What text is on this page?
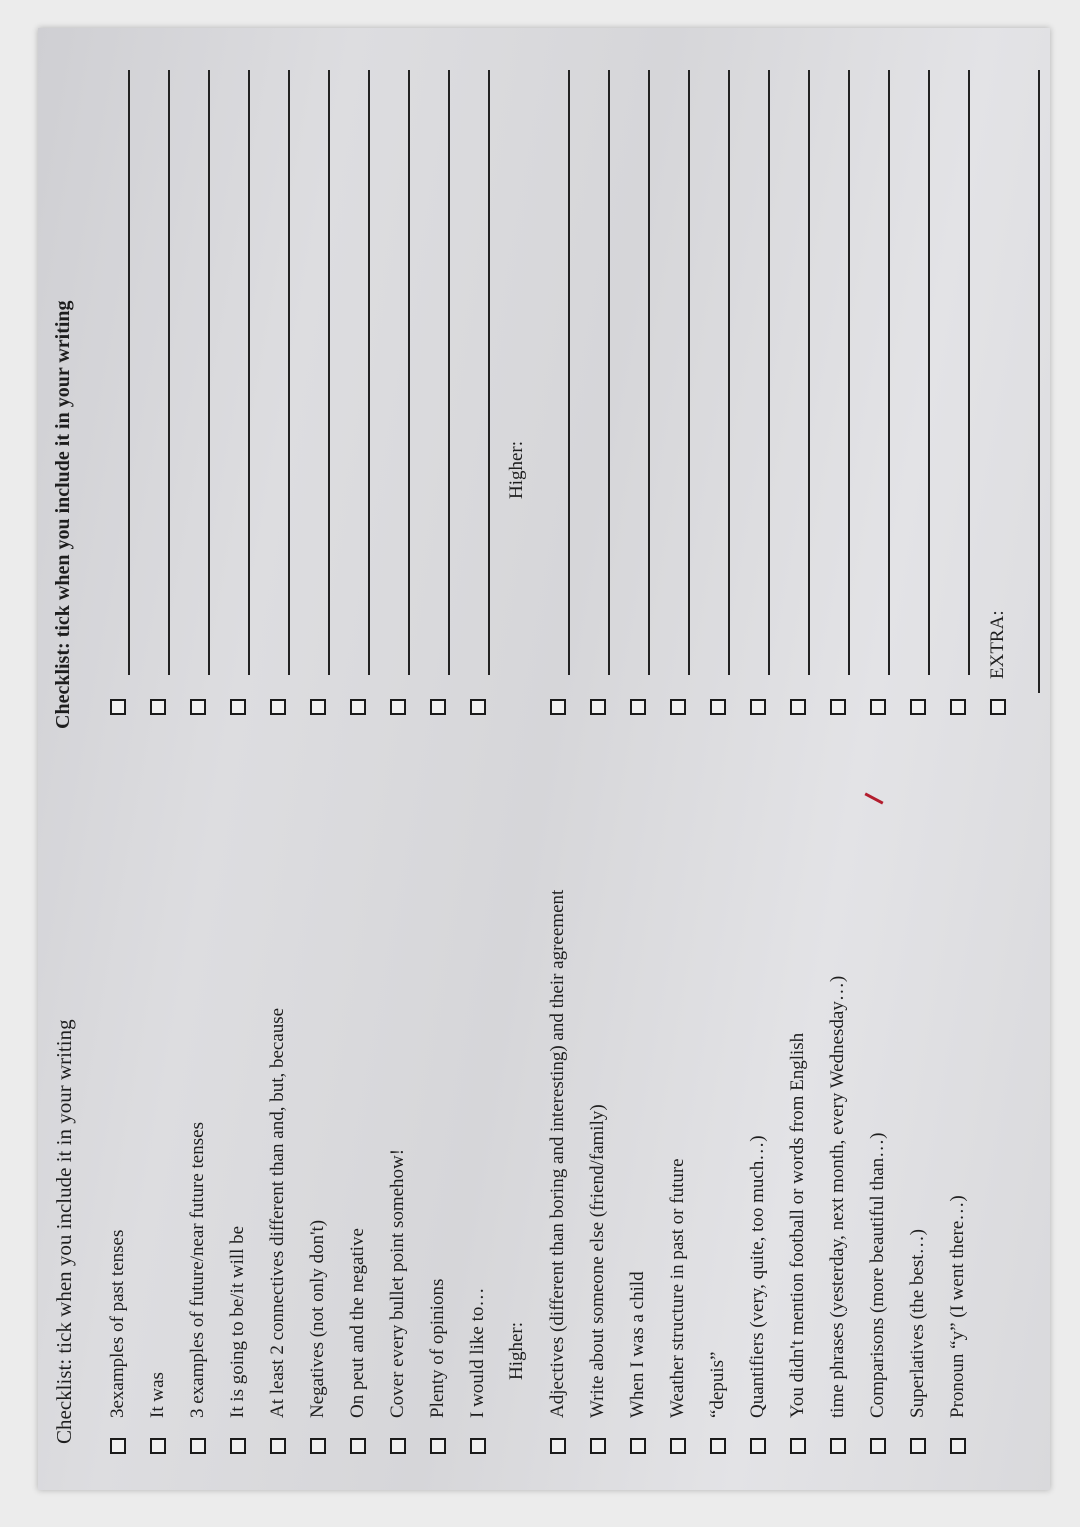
Checklist: tick when you include it in your writing 3examples of past tenses It was 3 examples of future/near future tenses It is going to be/it will be At least 2 connectives different than and, but, because Negatives (not only don't) On peut and the negative Cover every bullet point somehow! Plenty of opinions I would like to… Higher: Adjectives (different than boring and interesting) and their agreement Write about someone else (friend/family) When I was a child Weather structure in past or future “depuis” Quantifiers (very, quite, too much…) You didn't mention football or words from English time phrases (yesterday, next month, every Wednesday…) Comparisons (more beautiful than…) Superlatives (the best…) Pronoun “y” (I went there…)
Checklist: tick when you include it in your writing	Higher:
EXTRA:
